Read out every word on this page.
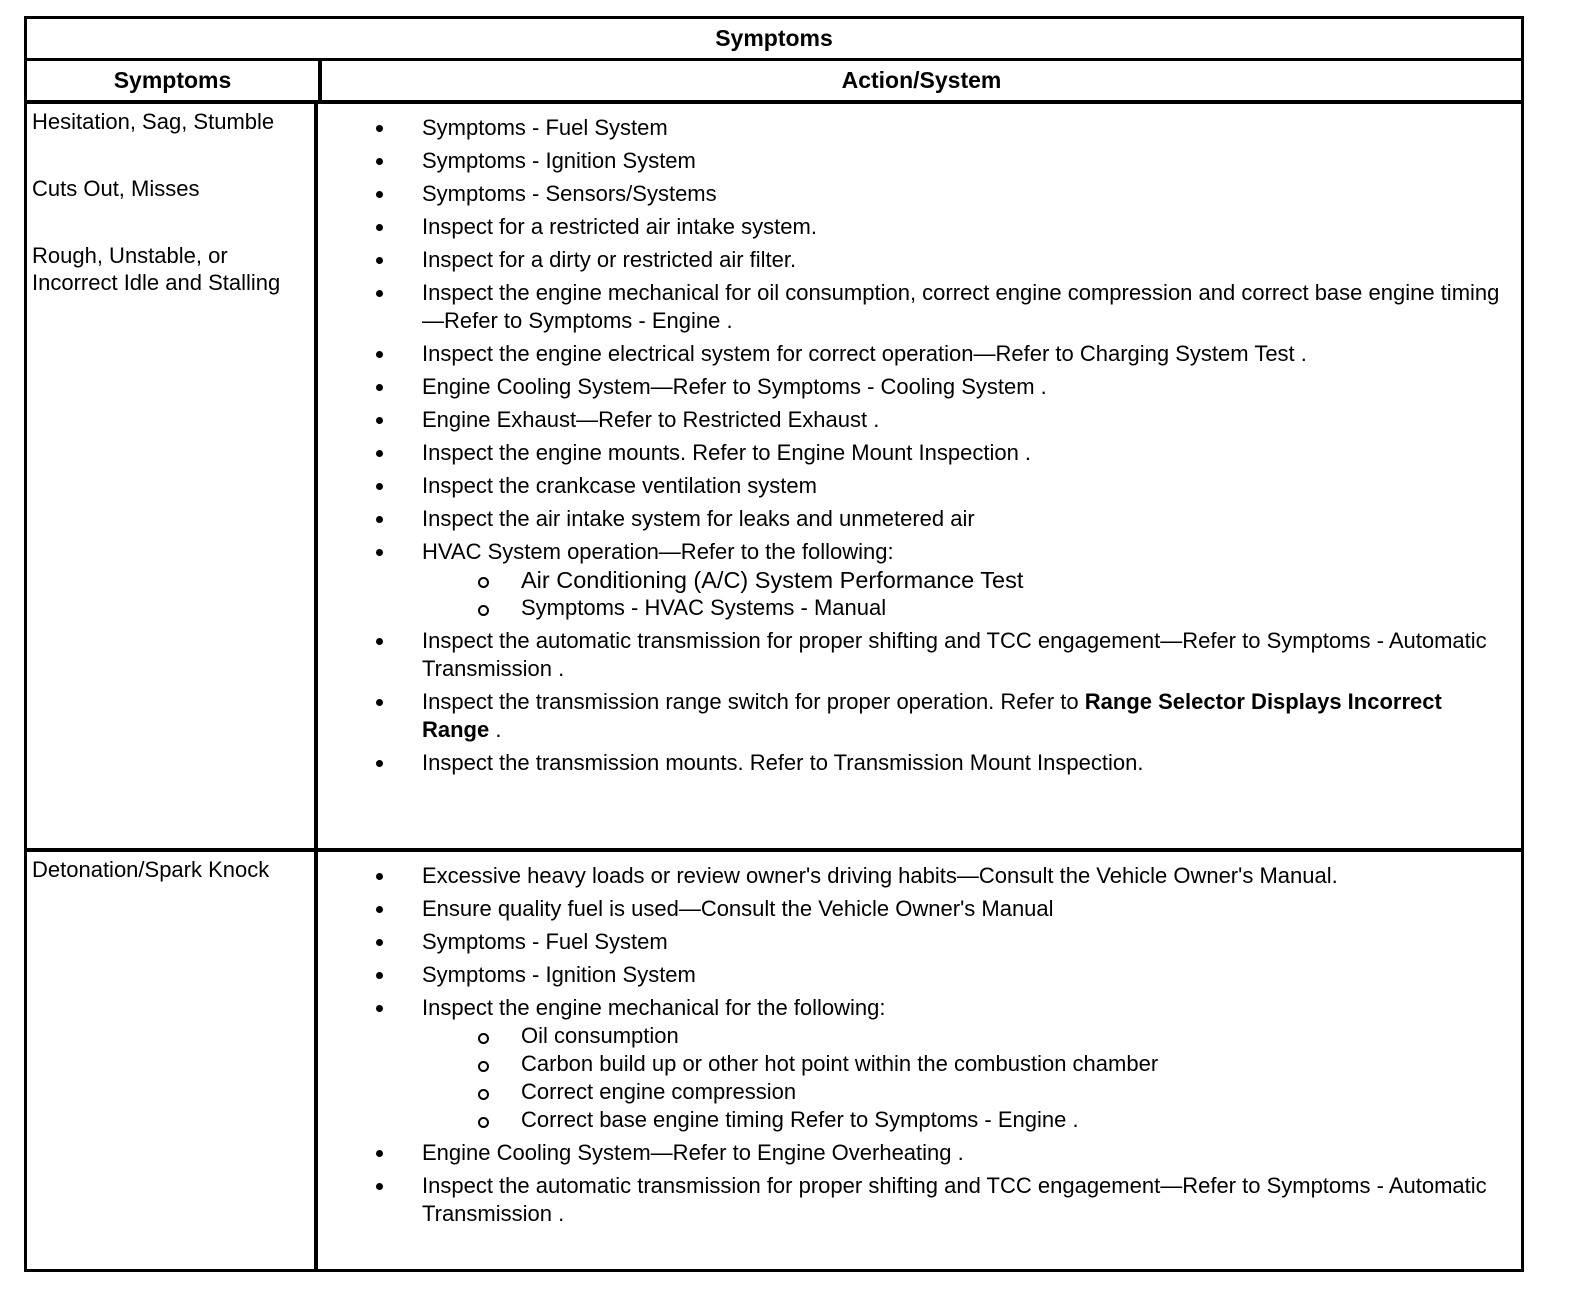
Symptoms
Symptoms	Action/System
Hesitation, Sag, Stumble
Cuts Out, Misses
Rough, Unstable, or
Incorrect Idle and Stalling
Symptoms - Fuel System
Symptoms - Ignition System
Symptoms - Sensors/Systems
Inspect for a restricted air intake system.
Inspect for a dirty or restricted air filter.
Inspect the engine mechanical for oil consumption, correct engine compression and correct base engine timing—Refer to Symptoms - Engine .
Inspect the engine electrical system for correct operation—Refer to Charging System Test .
Engine Cooling System—Refer to Symptoms - Cooling System .
Engine Exhaust—Refer to Restricted Exhaust .
Inspect the engine mounts. Refer to Engine Mount Inspection .
Inspect the crankcase ventilation system
Inspect the air intake system for leaks and unmetered air
HVAC System operation—Refer to the following:
Air Conditioning (A/C) System Performance Test
Symptoms - HVAC Systems - Manual
Inspect the automatic transmission for proper shifting and TCC engagement—Refer to Symptoms - Automatic Transmission .
Inspect the transmission range switch for proper operation. Refer to Range Selector Displays Incorrect Range .
Inspect the transmission mounts. Refer to Transmission Mount Inspection.
Detonation/Spark Knock	Excessive heavy loads or review owner's driving habits—Consult the Vehicle Owner's Manual.
Ensure quality fuel is used—Consult the Vehicle Owner's Manual
Symptoms - Fuel System
Symptoms - Ignition System
Inspect the engine mechanical for the following:
Oil consumption
Carbon build up or other hot point within the combustion chamber
Correct engine compression
Correct base engine timing Refer to Symptoms - Engine .
Engine Cooling System—Refer to Engine Overheating .
Inspect the automatic transmission for proper shifting and TCC engagement—Refer to Symptoms - Automatic Transmission .
